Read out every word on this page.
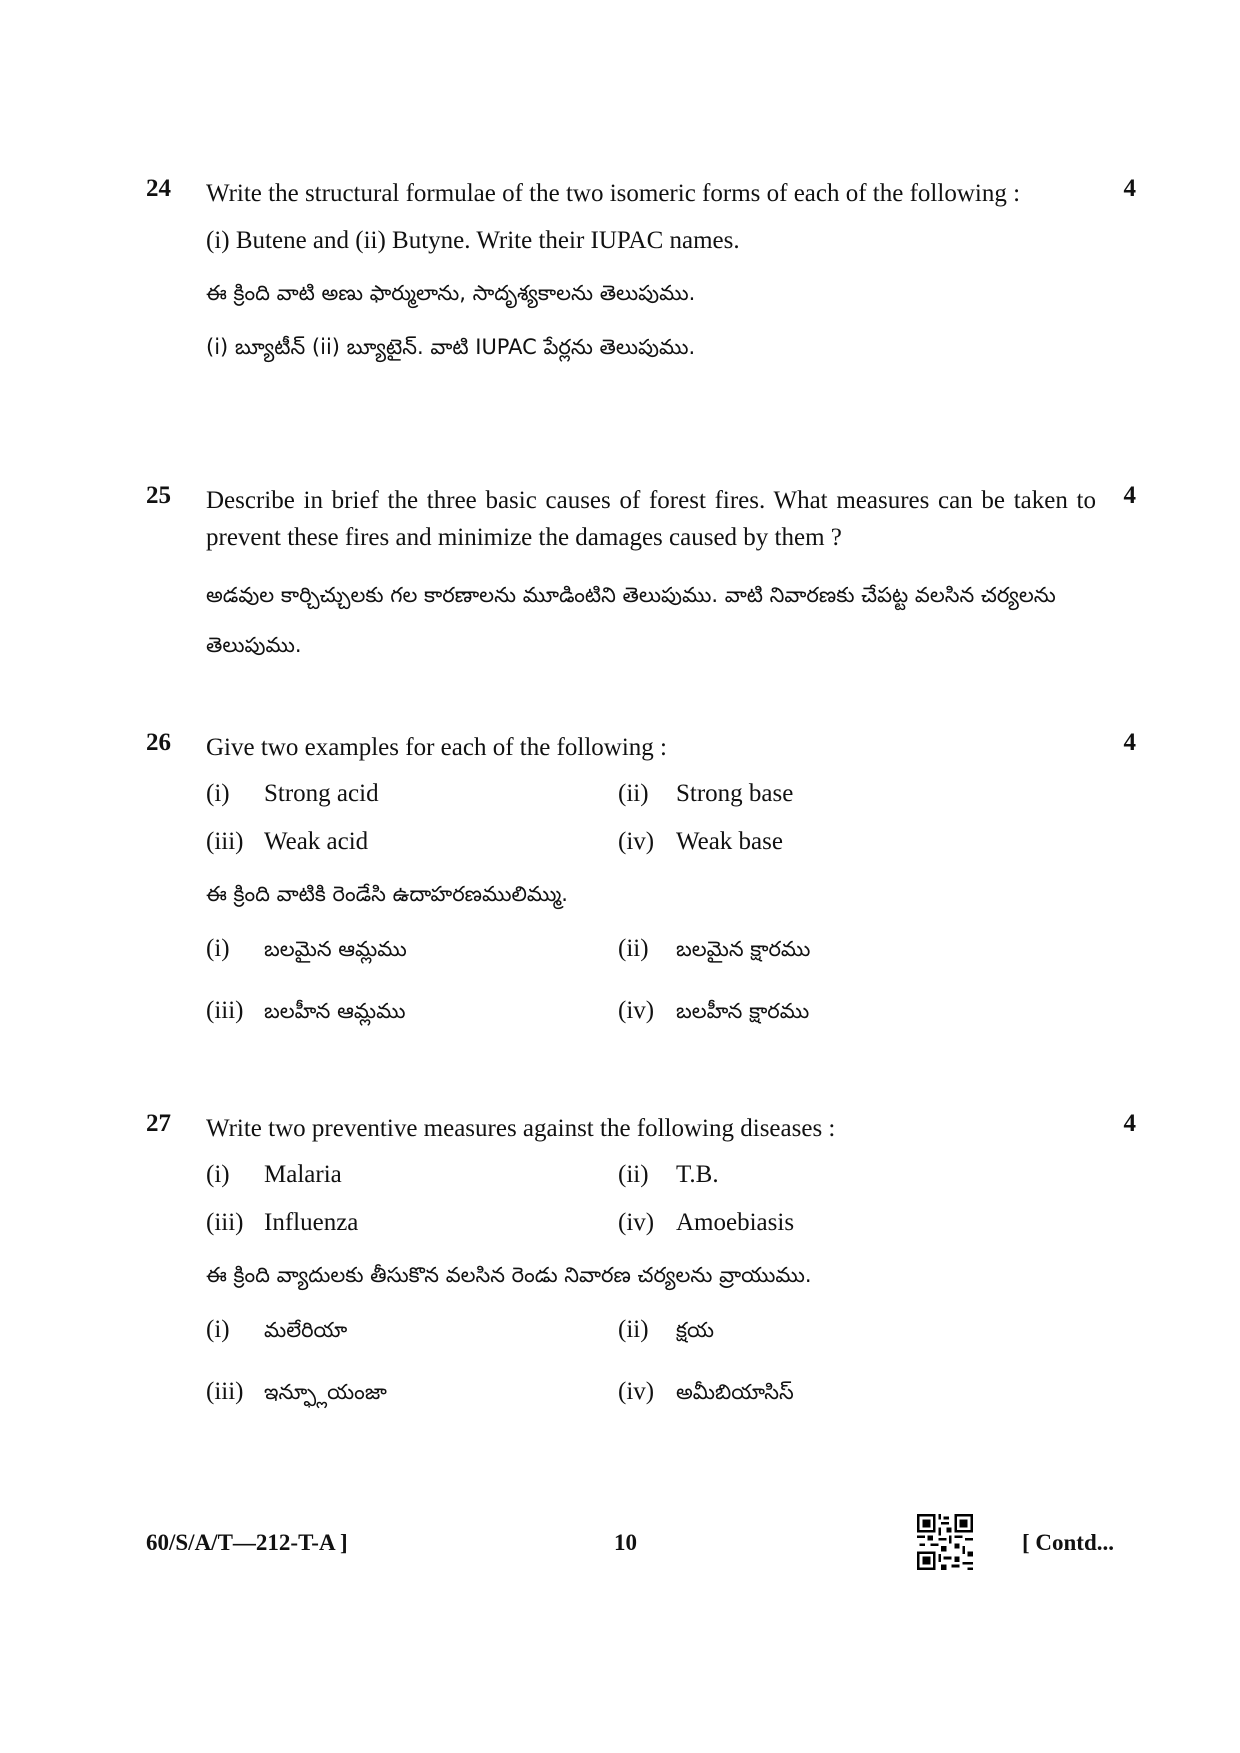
24	4
Write the structural formulae of the two isomeric forms of each of the following :
(i) Butene and (ii) Butyne. Write their IUPAC names.
ఈ క్రింది వాటి అణు ఫార్ములాను, సాదృశ్యకాలను తెలుపుము.
(i) బ్యూటీన్ (ii) బ్యూటైన్. వాటి IUPAC పేర్లను తెలుపుము.
25	4
Describe in brief the three basic causes of forest fires. What measures can be taken to prevent these fires and minimize the damages caused by them ?
అడవుల కార్చిచ్చులకు గల కారణాలను మూడింటిని తెలుపుము. వాటి నివారణకు చేపట్ట వలసిన చర్యలను తెలుపుము.
26	4
Give two examples for each of the following :
(i)	Strong acid	(ii)	Strong base
(iii) Weak acid	(iv) Weak base
ఈ క్రింది వాటికి రెండేసి ఉదాహరణములిమ్ము.
(i)	బలమైన ఆమ్లము	(ii)	బలమైన క్షారము
(iii) బలహీన ఆమ్లము	(iv)	బలహీన క్షారము
27	4
Write two preventive measures against the following diseases :
(i)	Malaria	(ii)	T.B.
(iii) Influenza	(iv) Amoebiasis
ఈ క్రింది వ్యాదులకు తీసుకొన వలసిన రెండు నివారణ చర్యలను వ్రాయుము.
(i)	మలేరియా	(ii)	క్షయ
(iii) ఇన్ఫ్లూయంజా	(iv)	అమీబియాసిస్
60/S/A/T—212-T-A ]	10	[ Contd...
